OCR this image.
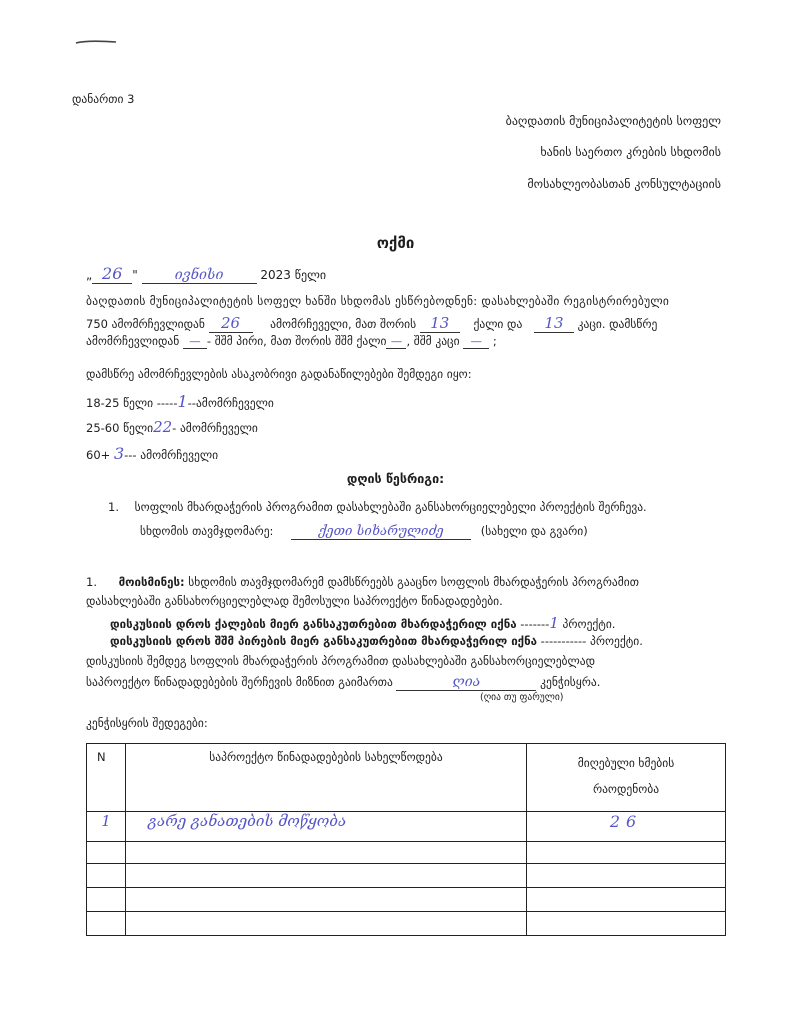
დანართი 3
ბაღდათის მუნიციპალიტეტის სოფელ
ხანის საერთო კრების სხდომის
მოსახლეობასთან კონსულტაციის
ოქმი
„ 26 "	ივნისი	2023 წელი
ბაღდათის მუნიციპალიტეტის სოფელ ხანში სხდომას ესწრებოდნენ: დასახლებაში რეგისტრირებული
750 ამომრჩევლიდან 26	ამომრჩეველი, მათ შორის 13 ქალი და 13 კაცი. დამსწრე
ამომრჩევლიდან — - შშმ პირი, მათ შორის შშმ ქალი — , შშმ კაცი — ;
დამსწრე ამომრჩევლების ასაკობრივი გადანაწილებები შემდეგი იყო:
18-25 წელი -----1--ამომრჩეველი
25-60 წელი22- ამომრჩეველი
60+ 3--- ამომრჩეველი
დღის წესრიგი:
1. სოფლის მხარდაჭერის პროგრამით დასახლებაში განსახორციელებელი პროექტის შერჩევა.
სხდომის თავმჯდომარე:	ქეთი სიხარულიძე	(სახელი და გვარი)
1. მოისმინეს: სხდომის თავმჯდომარემ დამსწრეებს გააცნო სოფლის მხარდაჭერის პროგრამით
დასახლებაში განსახორციელებლად შემოსული საპროექტო წინადადებები.
დისკუსიის დროს ქალების მიერ განსაკუთრებით მხარდაჭერილ იქნა -------1 პროექტი.
დისკუსიის დროს შშმ პირების მიერ განსაკუთრებით მხარდაჭერილ იქნა ----------- პროექტი.
დისკუსიის შემდეგ სოფლის მხარდაჭერის პროგრამით დასახლებაში განსახორციელებლად
საპროექტო წინადადებების შერჩევის მიზნით გაიმართა	ღია	კენჭისყრა.
(ღია თუ ფარული)
კენჭისყრის შედეგები:
N	საპროექტო წინადადებების სახელწოდება	მიღებული ხმების
რაოდენობა

1	გარე განათების მოწყობა	26
